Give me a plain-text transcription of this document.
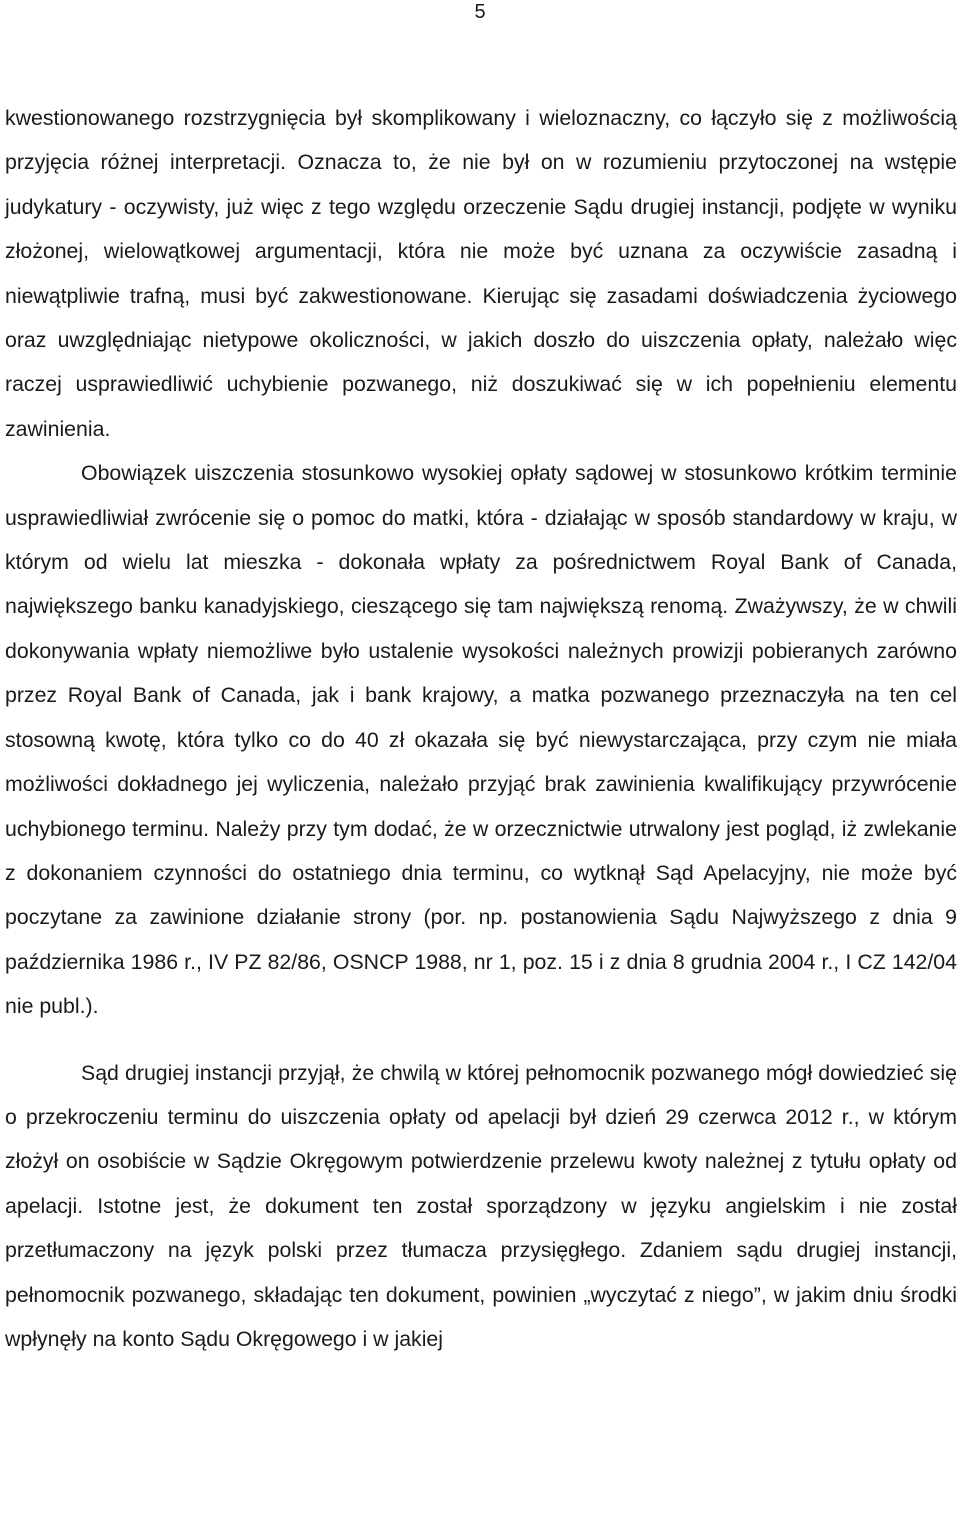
5

kwestionowanego rozstrzygnięcia był skomplikowany i wieloznaczny, co łączyło się z możliwością przyjęcia różnej interpretacji. Oznacza to, że nie był on w rozumieniu przytoczonej na wstępie judykatury - oczywisty, już więc z tego względu orzeczenie Sądu drugiej instancji, podjęte w wyniku złożonej, wielowątkowej argumentacji, która nie może być uznana za oczywiście zasadną i niewątpliwie trafną, musi być zakwestionowane. Kierując się zasadami doświadczenia życiowego oraz uwzględniając nietypowe okoliczności, w jakich doszło do uiszczenia opłaty, należało więc raczej usprawiedliwić uchybienie pozwanego, niż doszukiwać się w ich popełnieniu elementu zawinienia.

Obowiązek uiszczenia stosunkowo wysokiej opłaty sądowej w stosunkowo krótkim terminie usprawiedliwiał zwrócenie się o pomoc do matki, która - działając w sposób standardowy w kraju, w którym od wielu lat mieszka - dokonała wpłaty za pośrednictwem Royal Bank of Canada, największego banku kanadyjskiego, cieszącego się tam największą renomą. Zważywszy, że w chwili dokonywania wpłaty niemożliwe było ustalenie wysokości należnych prowizji pobieranych zarówno przez Royal Bank of Canada, jak i bank krajowy, a matka pozwanego przeznaczyła na ten cel stosowną kwotę, która tylko co do 40 zł okazała się być niewystarczająca, przy czym nie miała możliwości dokładnego jej wyliczenia, należało przyjąć brak zawinienia kwalifikujący przywrócenie uchybionego terminu. Należy przy tym dodać, że w orzecznictwie utrwalony jest pogląd, iż zwlekanie z dokonaniem czynności do ostatniego dnia terminu, co wytknął Sąd Apelacyjny, nie może być poczytane za zawinione działanie strony (por. np. postanowienia Sądu Najwyższego z dnia 9 października 1986 r., IV PZ 82/86, OSNCP 1988, nr 1, poz. 15 i z dnia 8 grudnia 2004 r., I CZ 142/04 nie publ.).

Sąd drugiej instancji przyjął, że chwilą w której pełnomocnik pozwanego mógł dowiedzieć się o przekroczeniu terminu do uiszczenia opłaty od apelacji był dzień 29 czerwca 2012 r., w którym złożył on osobiście w Sądzie Okręgowym potwierdzenie przelewu kwoty należnej z tytułu opłaty od apelacji. Istotne jest, że dokument ten został sporządzony w języku angielskim i nie został przetłumaczony na język polski przez tłumacza przysięgłego. Zdaniem sądu drugiej instancji, pełnomocnik pozwanego, składając ten dokument, powinien „wyczytać z niego”, w jakim dniu środki wpłynęły na konto Sądu Okręgowego i w jakiej
